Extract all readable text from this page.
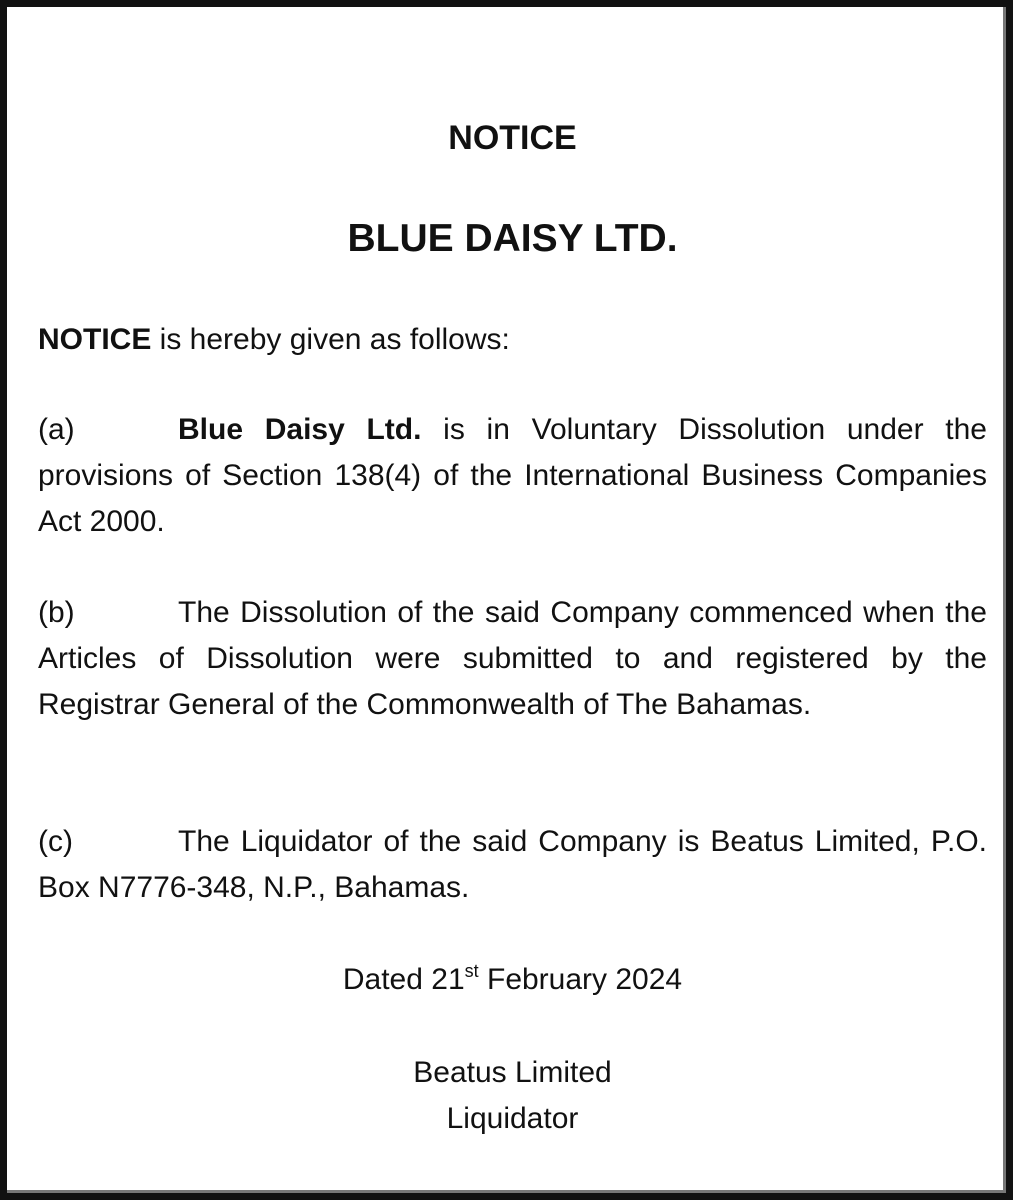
NOTICE
BLUE DAISY LTD.
NOTICE is hereby given as follows:
(a)	Blue Daisy Ltd. is in Voluntary Dissolution under the provisions of Section 138(4) of the International Business Companies Act 2000.
(b)	The Dissolution of the said Company commenced when the Articles of Dissolution were submitted to and registered by the Registrar General of the Commonwealth of The Bahamas.
(c)	The Liquidator of the said Company is Beatus Limited, P.O. Box N7776-348, N.P., Bahamas.
Dated 21st February 2024
Beatus Limited
Liquidator
